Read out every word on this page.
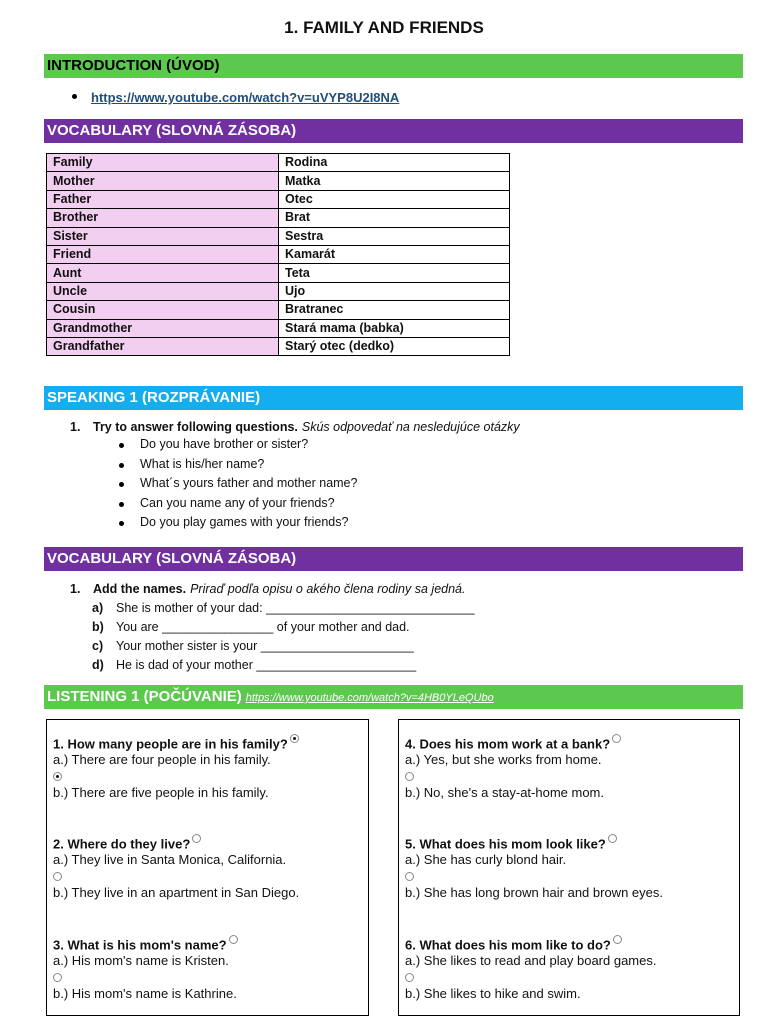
1. FAMILY AND FRIENDS
INTRODUCTION (ÚVOD)
https://www.youtube.com/watch?v=uVYP8U2I8NA
VOCABULARY (SLOVNÁ ZÁSOBA)
Family	Rodina
Mother	Matka
Father	Otec
Brother	Brat
Sister	Sestra
Friend	Kamarát
Aunt	Teta
Uncle	Ujo
Cousin	Bratranec
Grandmother	Stará mama (babka)
Grandfather	Starý otec (dedko)
SPEAKING 1 (ROZPRÁVANIE)
1.	Try to answer following questions. Skús odpovedať na nesledujúce otázky
Do you have brother or sister?
What is his/her name?
What´s yours father and mother name?
Can you name any of your friends?
Do you play games with your friends?
VOCABULARY (SLOVNÁ ZÁSOBA)
1.	Add the names. Priraď podľa opisu o akého člena rodiny sa jedná.
a)	She is mother of your dad: ______________________________
b) You are ________________ of your mother and dad.
c)	Your mother sister is your ______________________
d) He is dad of your mother _______________________
LISTENING 1 (POČÚVANIE) https://www.youtube.com/watch?v=4HB0YLeQUbo
1. How many people are in his family?
a.) There are four people in his family.
b.) There are five people in his family.
2. Where do they live?
a.) They live in Santa Monica, California.
b.) They live in an apartment in San Diego.
3. What is his mom's name?
a.) His mom's name is Kristen.
b.) His mom's name is Kathrine.
4. Does his mom work at a bank?
a.) Yes, but she works from home.
b.) No, she's a stay-at-home mom.
5. What does his mom look like?
a.) She has curly blond hair.
b.) She has long brown hair and brown eyes.
6. What does his mom like to do?
a.) She likes to read and play board games.
b.) She likes to hike and swim.
